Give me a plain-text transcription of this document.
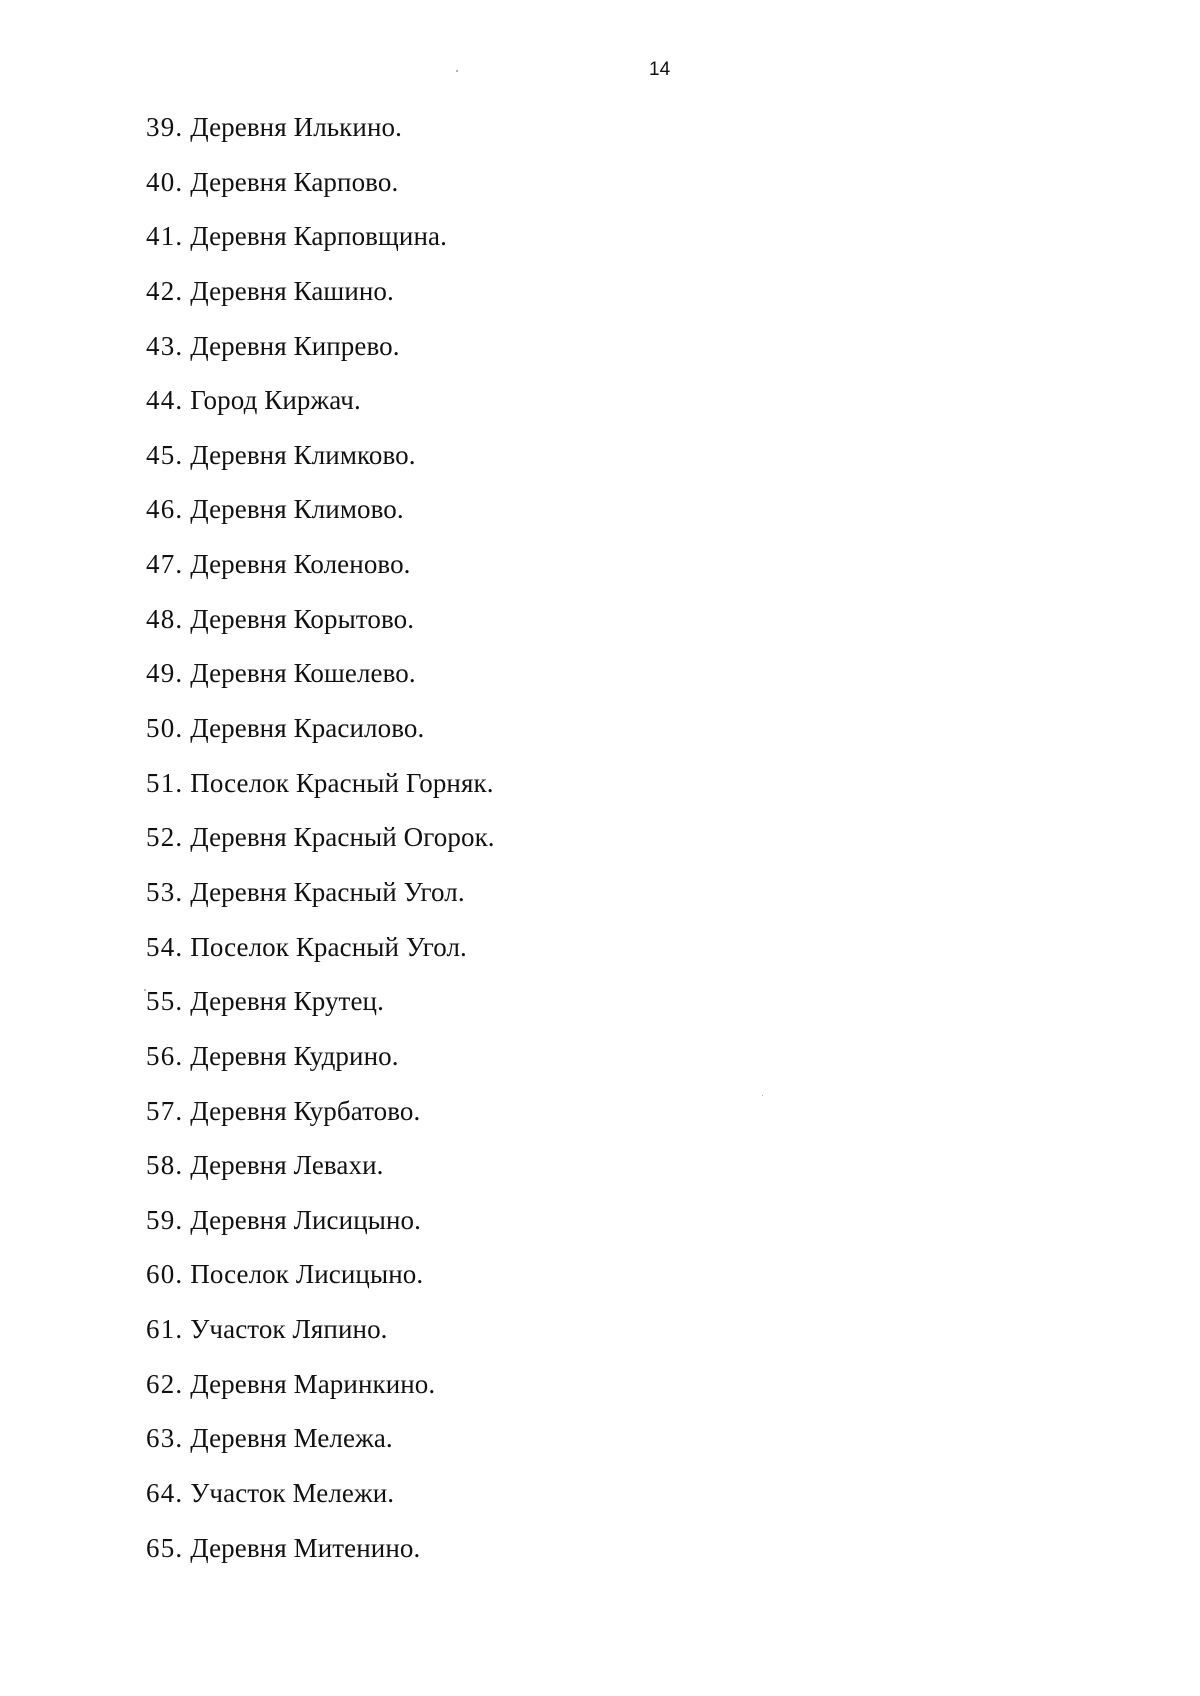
14
39. Деревня Илькино.
40. Деревня Карпово.
41. Деревня Карповщина.
42. Деревня Кашино.
43. Деревня Кипрево.
44. Город Киржач.
45. Деревня Климково.
46. Деревня Климово.
47. Деревня Коленово.
48. Деревня Корытово.
49. Деревня Кошелево.
50. Деревня Красилово.
51. Поселок Красный Горняк.
52. Деревня Красный Огорок.
53. Деревня Красный Угол.
54. Поселок Красный Угол.
55. Деревня Крутец.
56. Деревня Кудрино.
57. Деревня Курбатово.
58. Деревня Левахи.
59. Деревня Лисицыно.
60. Поселок Лисицыно.
61. Участок Ляпино.
62. Деревня Маринкино.
63. Деревня Мележа.
64. Участок Мележи.
65. Деревня Митенино.
